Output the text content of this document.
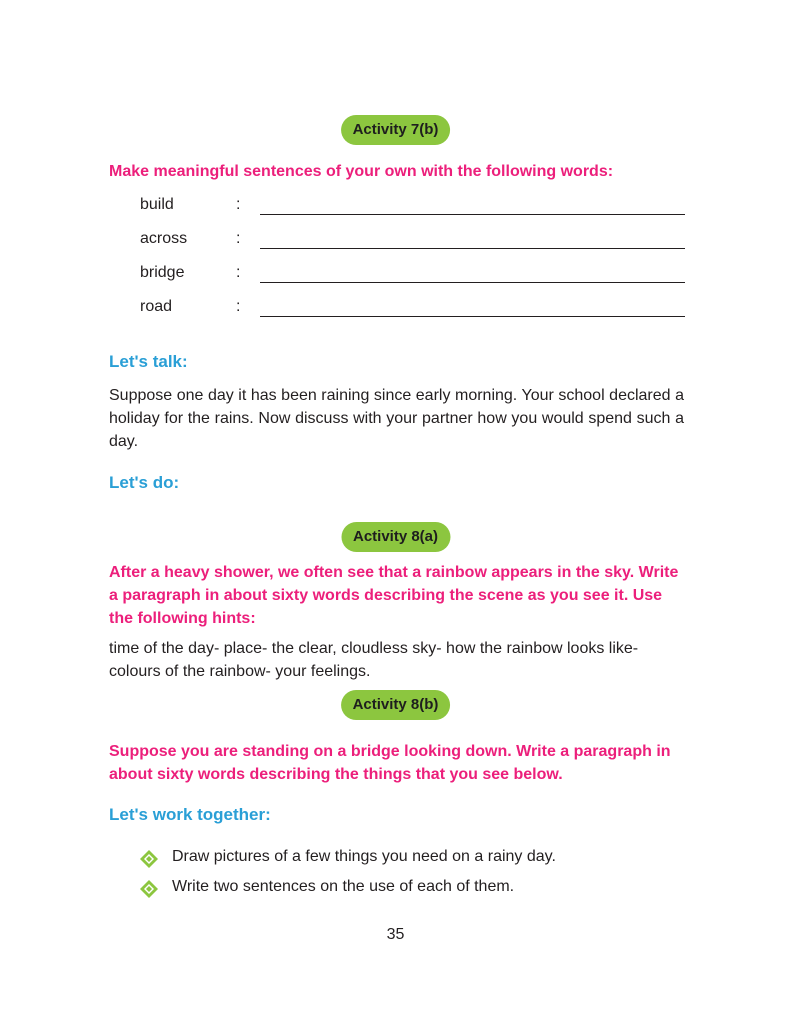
Activity 7(b)
Make meaningful sentences of your own with the following words:
build	:
across	:
bridge	:
road	:
Let's talk:
Suppose one day it has been raining since early morning. Your school declared a holiday for the rains. Now discuss with your partner how you would spend such a day.
Let's do:
Activity 8(a)
After a heavy shower, we often see that a rainbow appears in the sky. Write a paragraph in about sixty words describing the scene as you see it. Use the following hints:
time of the day- place- the clear, cloudless sky- how the rainbow looks like- colours of the rainbow- your feelings.
Activity 8(b)
Suppose you are standing on a bridge looking down. Write a paragraph in about sixty words describing the things that you see below.
Let's work together:
Draw pictures of a few things you need on a rainy day.
Write two sentences on the use of each of them.
35
